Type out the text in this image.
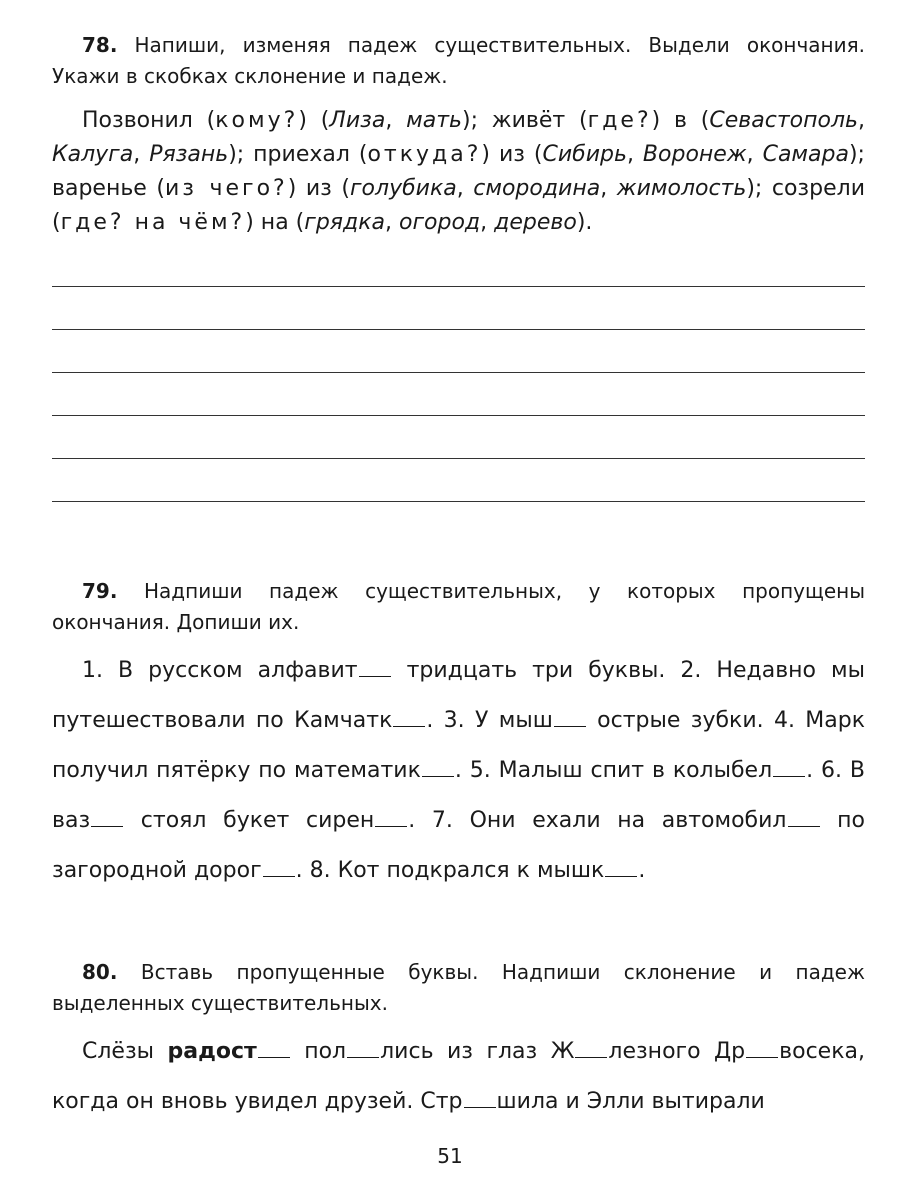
78. Напиши, изменяя падеж существительных. Выдели окончания. Укажи в скобках склонение и падеж.

Позвонил (кому?) (Лиза, мать); живёт (где?) в (Севастополь, Калуга, Рязань); приехал (откуда?) из (Сибирь, Воронеж, Самара); варенье (из чего?) из (голубика, смородина, жимолость); созрели (где? на чём?) на (грядка, огород, дерево).

79. Надпиши падеж существительных, у которых пропущены окончания. Допиши их.

1. В русском алфавит тридцать три буквы. 2. Недавно мы путешествовали по Камчатк . 3. У мыш острые зубки. 4. Марк получил пятёрку по математик . 5. Малыш спит в колыбел . 6. В ваз стоял букет сирен . 7. Они ехали на автомобил по загородной дорог . 8. Кот подкрался к мышк .

80. Вставь пропущенные буквы. Надпиши склонение и падеж выделенных существительных.

Слёзы радост пол лись из глаз Ж лезного Др восека, когда он вновь увидел друзей. Стр шила и Элли вытирали

51
